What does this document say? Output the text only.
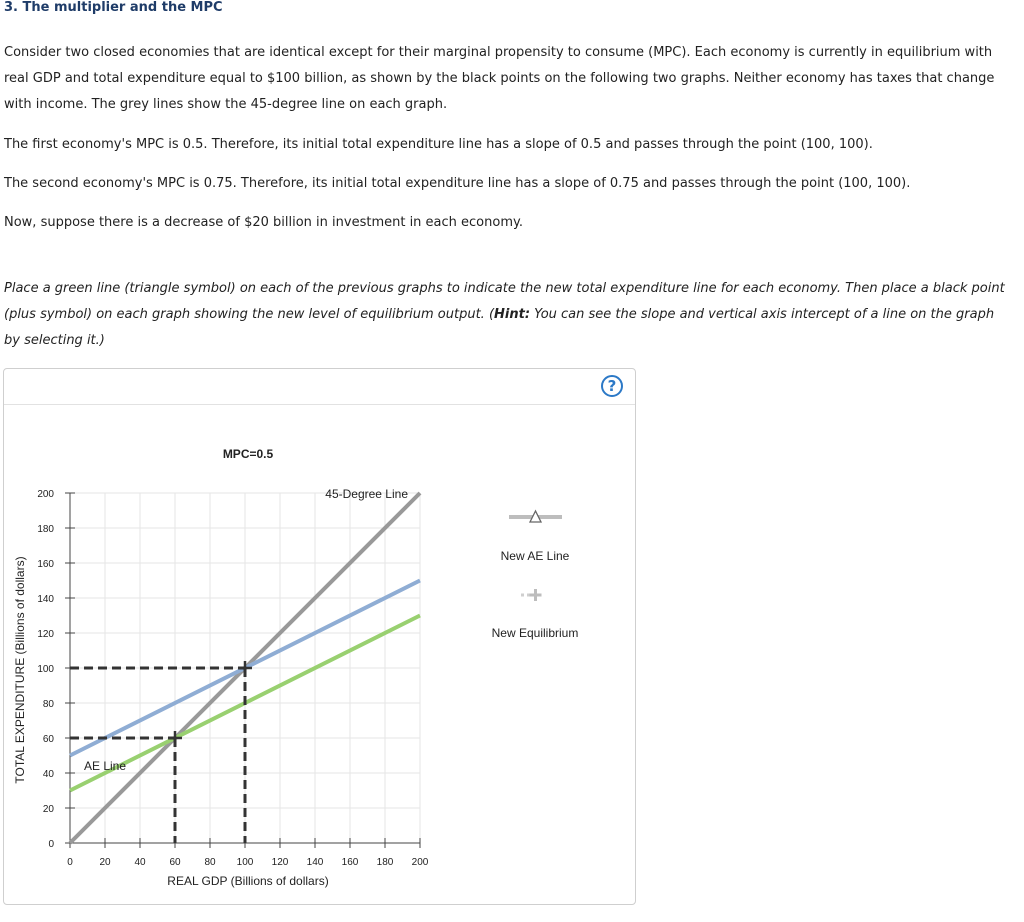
3. The multiplier and the MPC

Consider two closed economies that are identical except for their marginal propensity to consume (MPC). Each economy is currently in equilibrium with real GDP and total expenditure equal to $100 billion, as shown by the black points on the following two graphs. Neither economy has taxes that change with income. The grey lines show the 45-degree line on each graph.

The first economy's MPC is 0.5. Therefore, its initial total expenditure line has a slope of 0.5 and passes through the point (100, 100).

The second economy's MPC is 0.75. Therefore, its initial total expenditure line has a slope of 0.75 and passes through the point (100, 100).

Now, suppose there is a decrease of $20 billion in investment in each economy.

Place a green line (triangle symbol) on each of the previous graphs to indicate the new total expenditure line for each economy. Then place a black point (plus symbol) on each graph showing the new level of equilibrium output. (Hint: You can see the slope and vertical axis intercept of a line on the graph by selecting it.)

?
MPC=0.5
0
20
40
60
80
100
120
140
160
180
200
0	20 40 60 80 100 120 140 160 180 200
45-Degree Line
AE Line
REAL GDP (Billions of dollars)
TOTAL EXPENDITURE (Billions of dollars)
New AE Line
New Equilibrium
